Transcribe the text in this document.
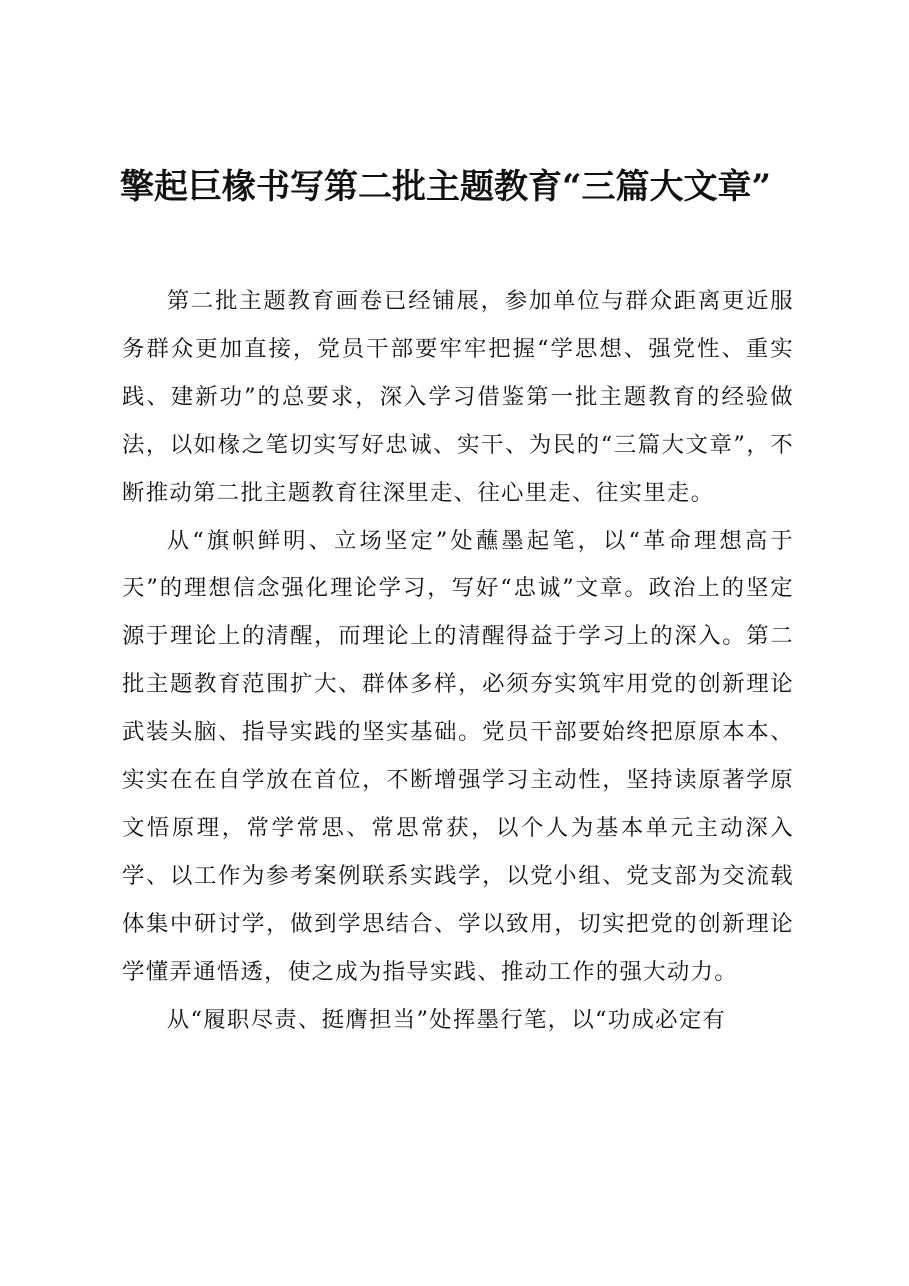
擎起巨椽书写第二批主题教育“三篇大文章”

第二批主题教育画卷已经铺展，参加单位与群众距离更近服务群众更加直接，党员干部要牢牢把握“学思想、强党性、重实践、建新功”的总要求，深入学习借鉴第一批主题教育的经验做法，以如椽之笔切实写好忠诚、实干、为民的“三篇大文章”，不断推动第二批主题教育往深里走、往心里走、往实里走。

从“旗帜鲜明、立场坚定”处蘸墨起笔，以“革命理想高于天”的理想信念强化理论学习，写好“忠诚”文章。政治上的坚定源于理论上的清醒，而理论上的清醒得益于学习上的深入。第二批主题教育范围扩大、群体多样，必须夯实筑牢用党的创新理论武装头脑、指导实践的坚实基础。党员干部要始终把原原本本、实实在在自学放在首位，不断增强学习主动性，坚持读原著学原文悟原理，常学常思、常思常获，以个人为基本单元主动深入学、以工作为参考案例联系实践学，以党小组、党支部为交流载体集中研讨学，做到学思结合、学以致用，切实把党的创新理论学懂弄通悟透，使之成为指导实践、推动工作的强大动力。

从“履职尽责、挺膺担当”处挥墨行笔，以“功成必定有
